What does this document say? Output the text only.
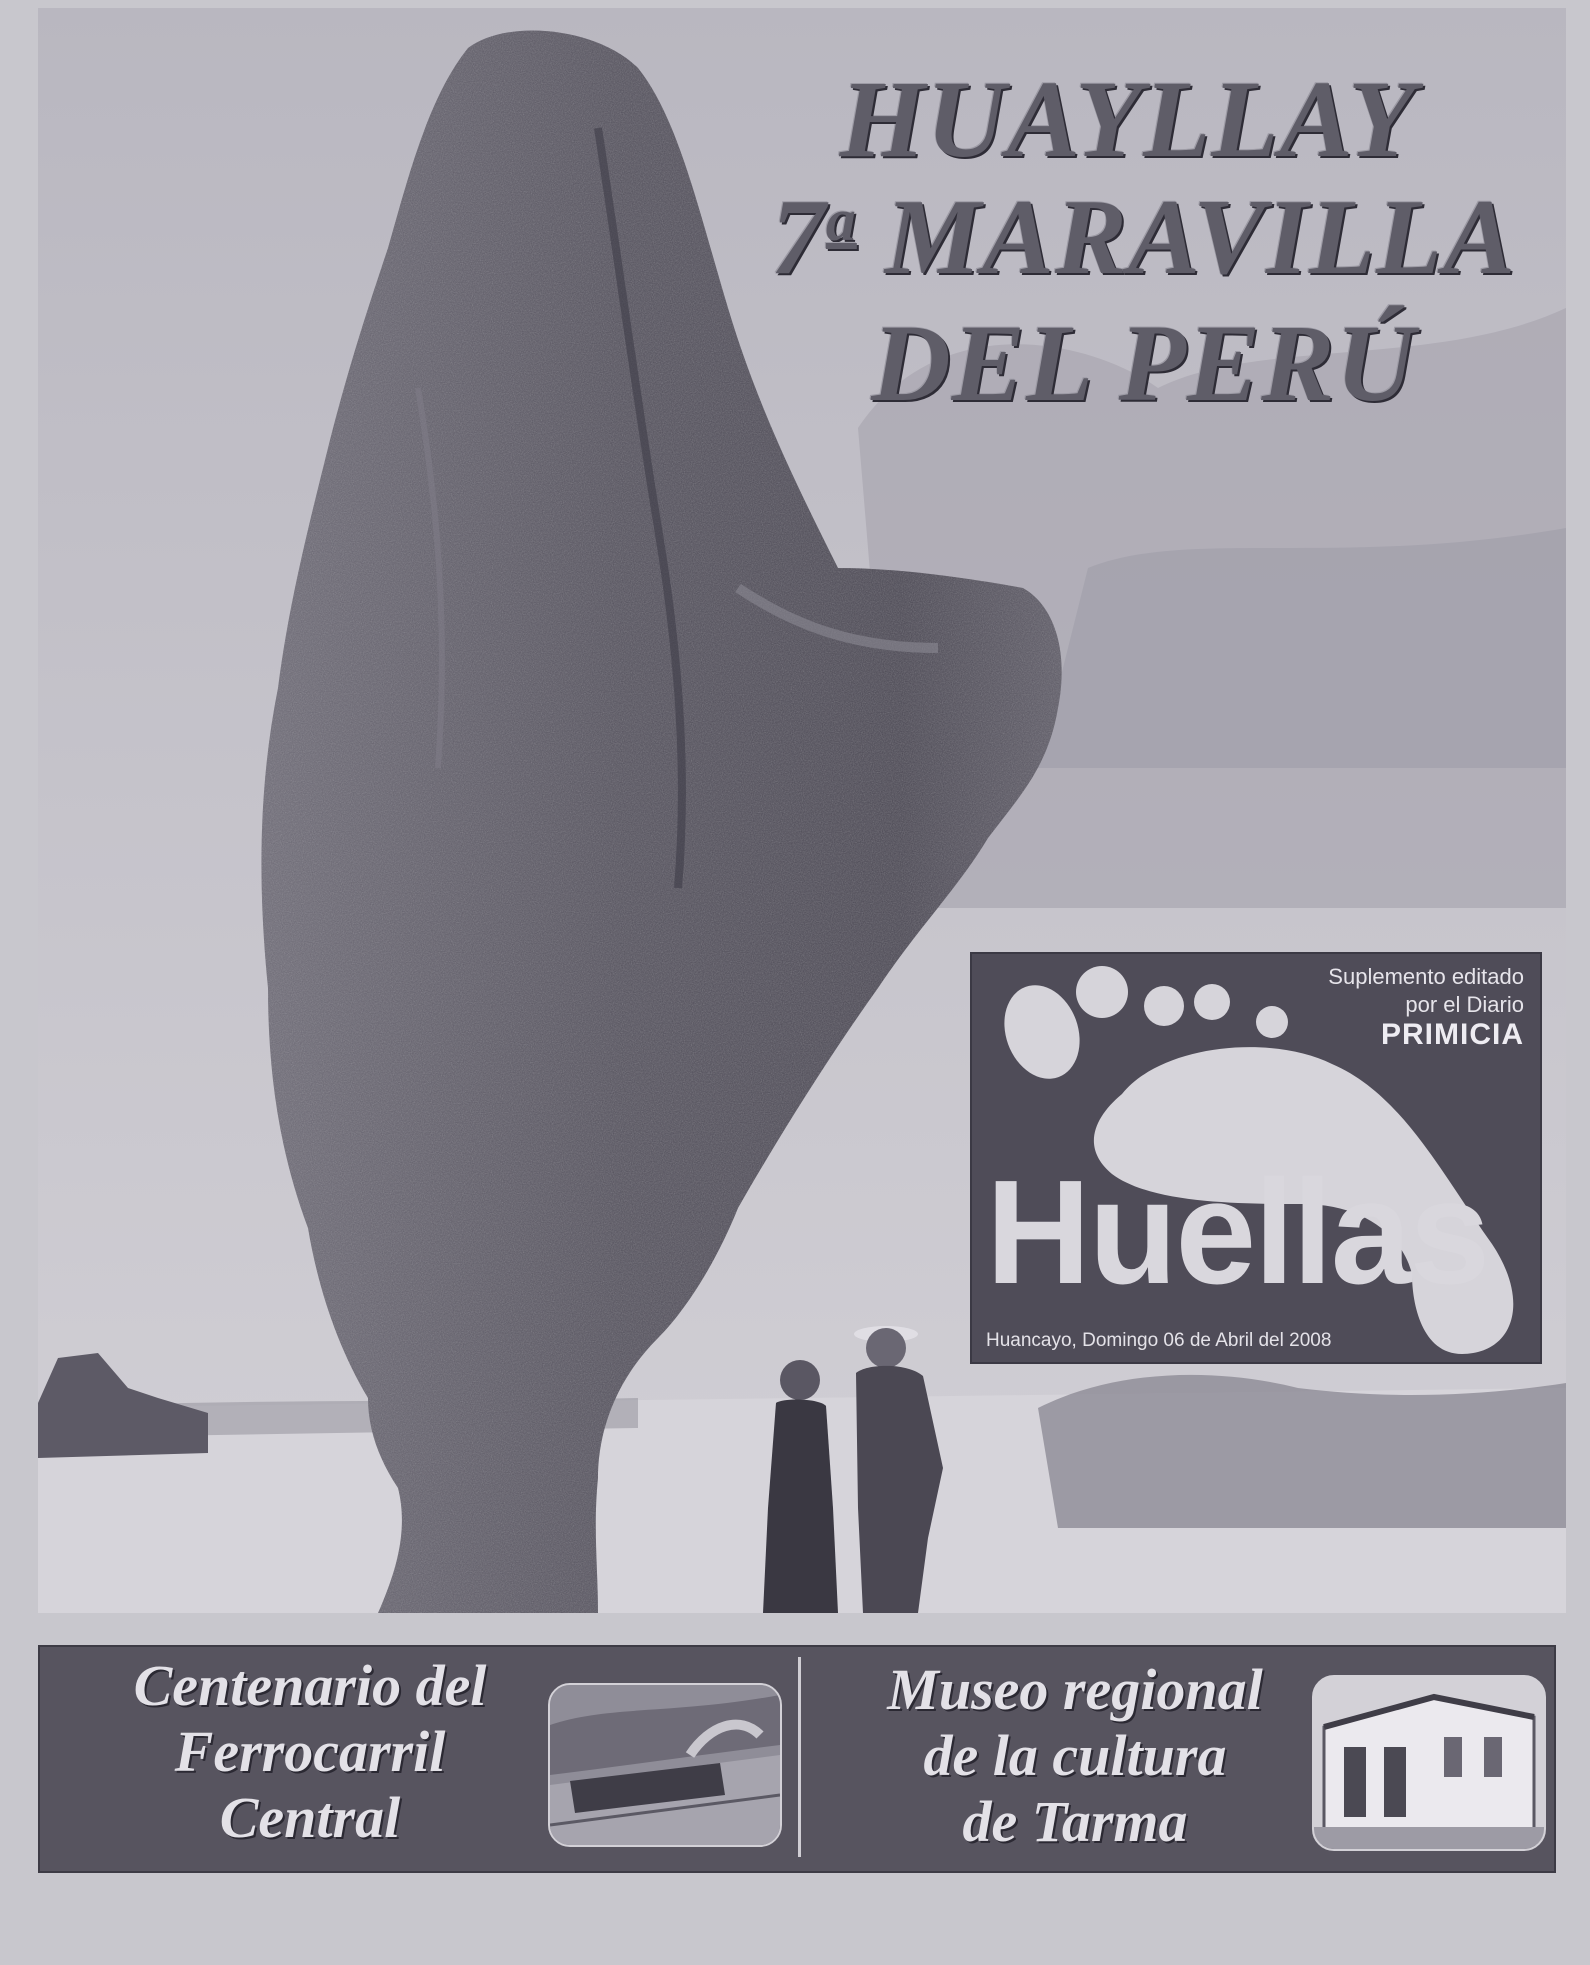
HUAYLLAY
7$^a$ MARAVILLA
DEL PERÚ
Suplemento editado
por el Diario
PRIMICIA
Huellas
Huancayo, Domingo 06 de Abril del 2008
Centenario del
Ferrocarril
Central
Museo regional
de la cultura
de Tarma
